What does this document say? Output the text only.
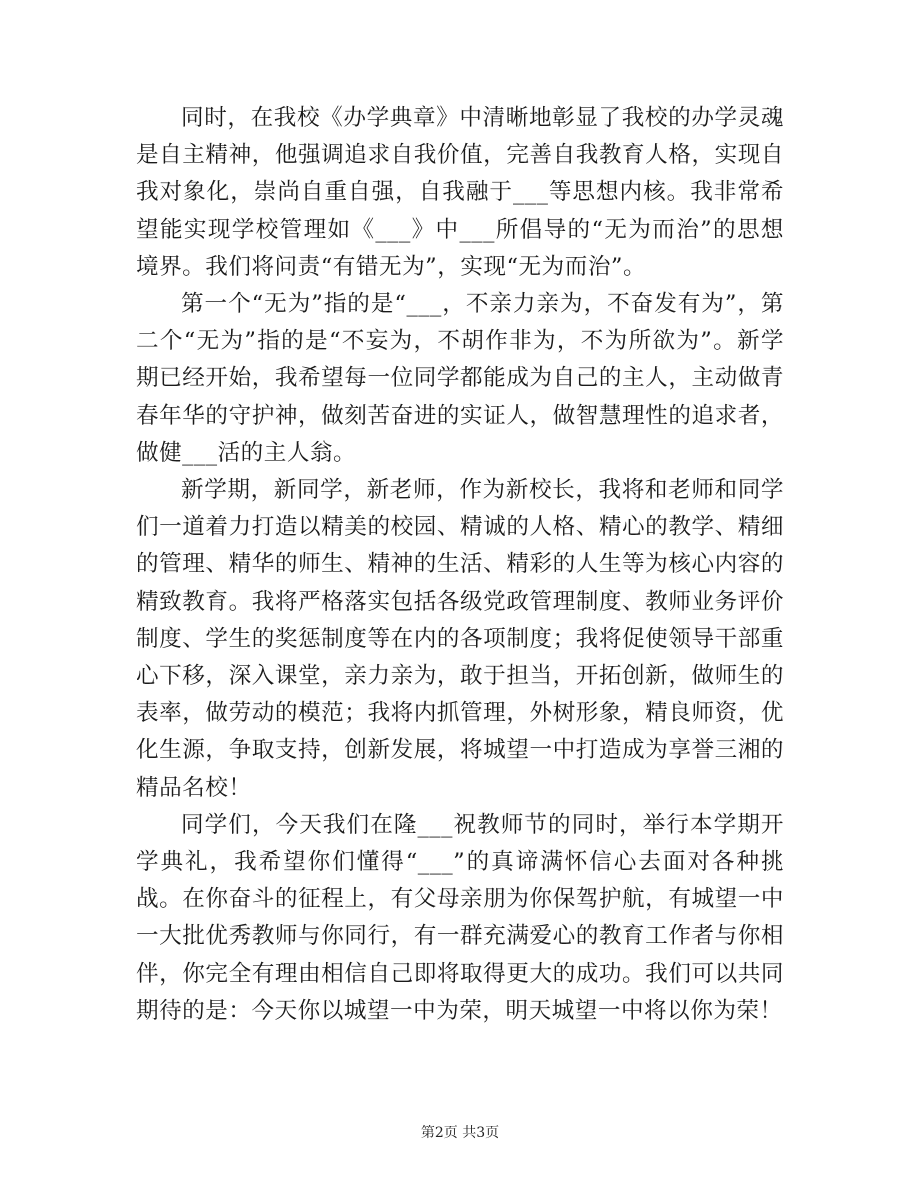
同时，在我校《办学典章》中清晰地彰显了我校的办学灵魂是自主精神，他强调追求自我价值，完善自我教育人格，实现自我对象化，崇尚自重自强，自我融于___等思想内核。我非常希望能实现学校管理如《___》中___所倡导的“无为而治”的思想境界。我们将问责“有错无为”，实现“无为而治”。

第一个“无为”指的是“___，不亲力亲为，不奋发有为”，第二个“无为”指的是“不妄为，不胡作非为，不为所欲为”。新学期已经开始，我希望每一位同学都能成为自己的主人，主动做青春年华的守护神，做刻苦奋进的实证人，做智慧理性的追求者，做健___活的主人翁。

新学期，新同学，新老师，作为新校长，我将和老师和同学们一道着力打造以精美的校园、精诚的人格、精心的教学、精细的管理、精华的师生、精神的生活、精彩的人生等为核心内容的精致教育。我将严格落实包括各级党政管理制度、教师业务评价制度、学生的奖惩制度等在内的各项制度；我将促使领导干部重心下移，深入课堂，亲力亲为，敢于担当，开拓创新，做师生的表率，做劳动的模范；我将内抓管理，外树形象，精良师资，优化生源，争取支持，创新发展，将城望一中打造成为享誉三湘的精品名校！

同学们，今天我们在隆___祝教师节的同时，举行本学期开学典礼，我希望你们懂得“___”的真谛满怀信心去面对各种挑战。在你奋斗的征程上，有父母亲朋为你保驾护航，有城望一中一大批优秀教师与你同行，有一群充满爱心的教育工作者与你相伴，你完全有理由相信自己即将取得更大的成功。我们可以共同期待的是：今天你以城望一中为荣，明天城望一中将以你为荣！

第2页 共3页
